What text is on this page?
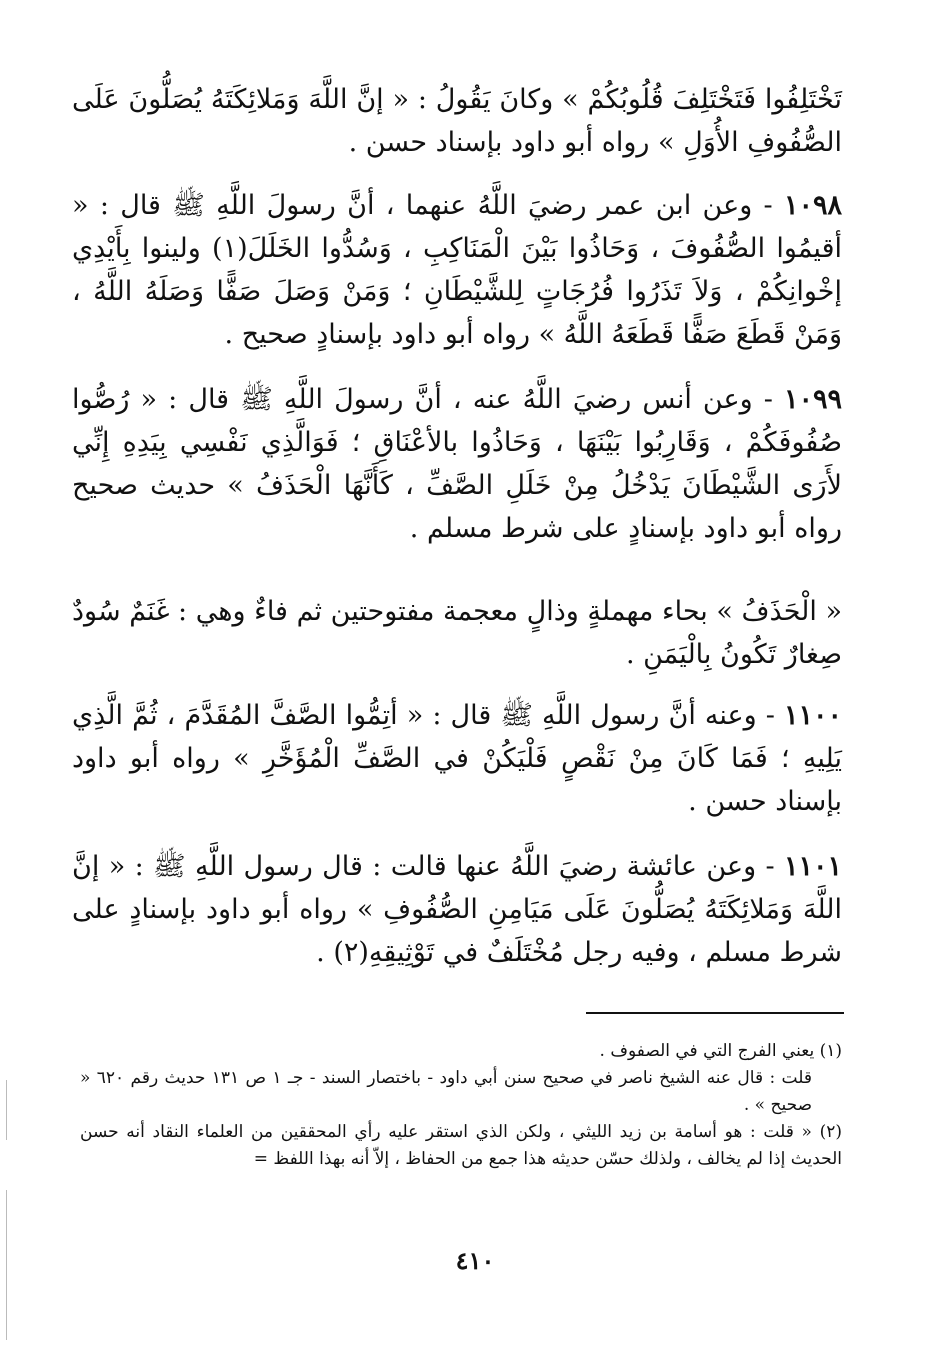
تَخْتَلِفُوا فَتَخْتَلِفَ قُلُوبُكُمْ » وكانَ يَقُولُ : « إنَّ اللَّهَ وَمَلائِكَتَهُ يُصَلُّونَ عَلَى الصُّفُوفِ الأُوَلِ » رواه أبو داود بإسناد حسن .

١٠٩٨ - وعن ابن عمر رضيَ اللَّهُ عنهما ، أنَّ رسولَ اللَّهِ ﷺ قال : « أقيمُوا الصُّفُوفَ ، وَحَاذُوا بَيْنَ الْمَنَاكِبِ ، وَسُدُّوا الخَلَلَ(١) ولينوا بِأَيْدِي إخْوانِكُمْ ، وَلاَ تَذَرُوا فُرُجَاتٍ لِلشَّيْطَانِ ؛ وَمَنْ وَصَلَ صَفًّا وَصَلَهُ اللَّهُ ، وَمَنْ قَطَعَ صَفًّا قَطَعَهُ اللَّهُ » رواه أبو داود بإسنادٍ صحيح .

١٠٩٩ - وعن أنس رضيَ اللَّهُ عنه ، أنَّ رسولَ اللَّهِ ﷺ قال : « رُصُّوا صُفُوفَكُمْ ، وَقَارِبُوا بَيْنَهَا ، وَحَاذُوا بالأعْنَاقِ ؛ فَوَالَّذِي نَفْسِي بِيَدِهِ إِنِّي لأَرَى الشَّيْطَانَ يَدْخُلُ مِنْ خَلَلِ الصَّفِّ ، كَأَنَّهَا الْحَذَفُ » حديث صحيح رواه أبو داود بإسنادٍ على شرط مسلم .

« الْحَذَفُ » بحاء مهملةٍ وذالٍ معجمة مفتوحتين ثم فاءٌ وهي : غَنَمٌ سُودٌ صِغارٌ تَكُونُ بِالْيَمَنِ .

١١٠٠ - وعنه أنَّ رسول اللَّهِ ﷺ قال : « أتِمُّوا الصَّفَّ المُقَدَّمَ ، ثُمَّ الَّذِي يَلِيهِ ؛ فَمَا كَانَ مِنْ نَقْصٍ فَلْيَكُنْ في الصَّفِّ الْمُؤَخَّرِ » رواه أبو داود بإسناد حسن .

١١٠١ - وعن عائشة رضيَ اللَّهُ عنها قالت : قال رسول اللَّهِ ﷺ : « إنَّ اللَّهَ وَمَلائِكَتَهُ يُصَلُّونَ عَلَى مَيَامِنِ الصُّفُوفِ » رواه أبو داود بإسنادٍ على شرط مسلم ، وفيه رجل مُخْتَلَفٌ في تَوْثِيقِهِ(٢) .

(١) يعني الفرج التي في الصفوف .

قلت : قال عنه الشيخ ناصر في صحيح سنن أبي داود - باختصار السند - جـ ١ ص ١٣١ حديث رقم ٦٢٠ « صحيح » .

(٢) « قلت : هو أسامة بن زيد الليثي ، ولكن الذي استقر عليه رأي المحققين من العلماء النقاد أنه حسن الحديث إذا لم يخالف ، ولذلك حسّن حديثه هذا جمع من الحفاظ ، إلاّ أنه بهذا اللفظ =

٤١٠
